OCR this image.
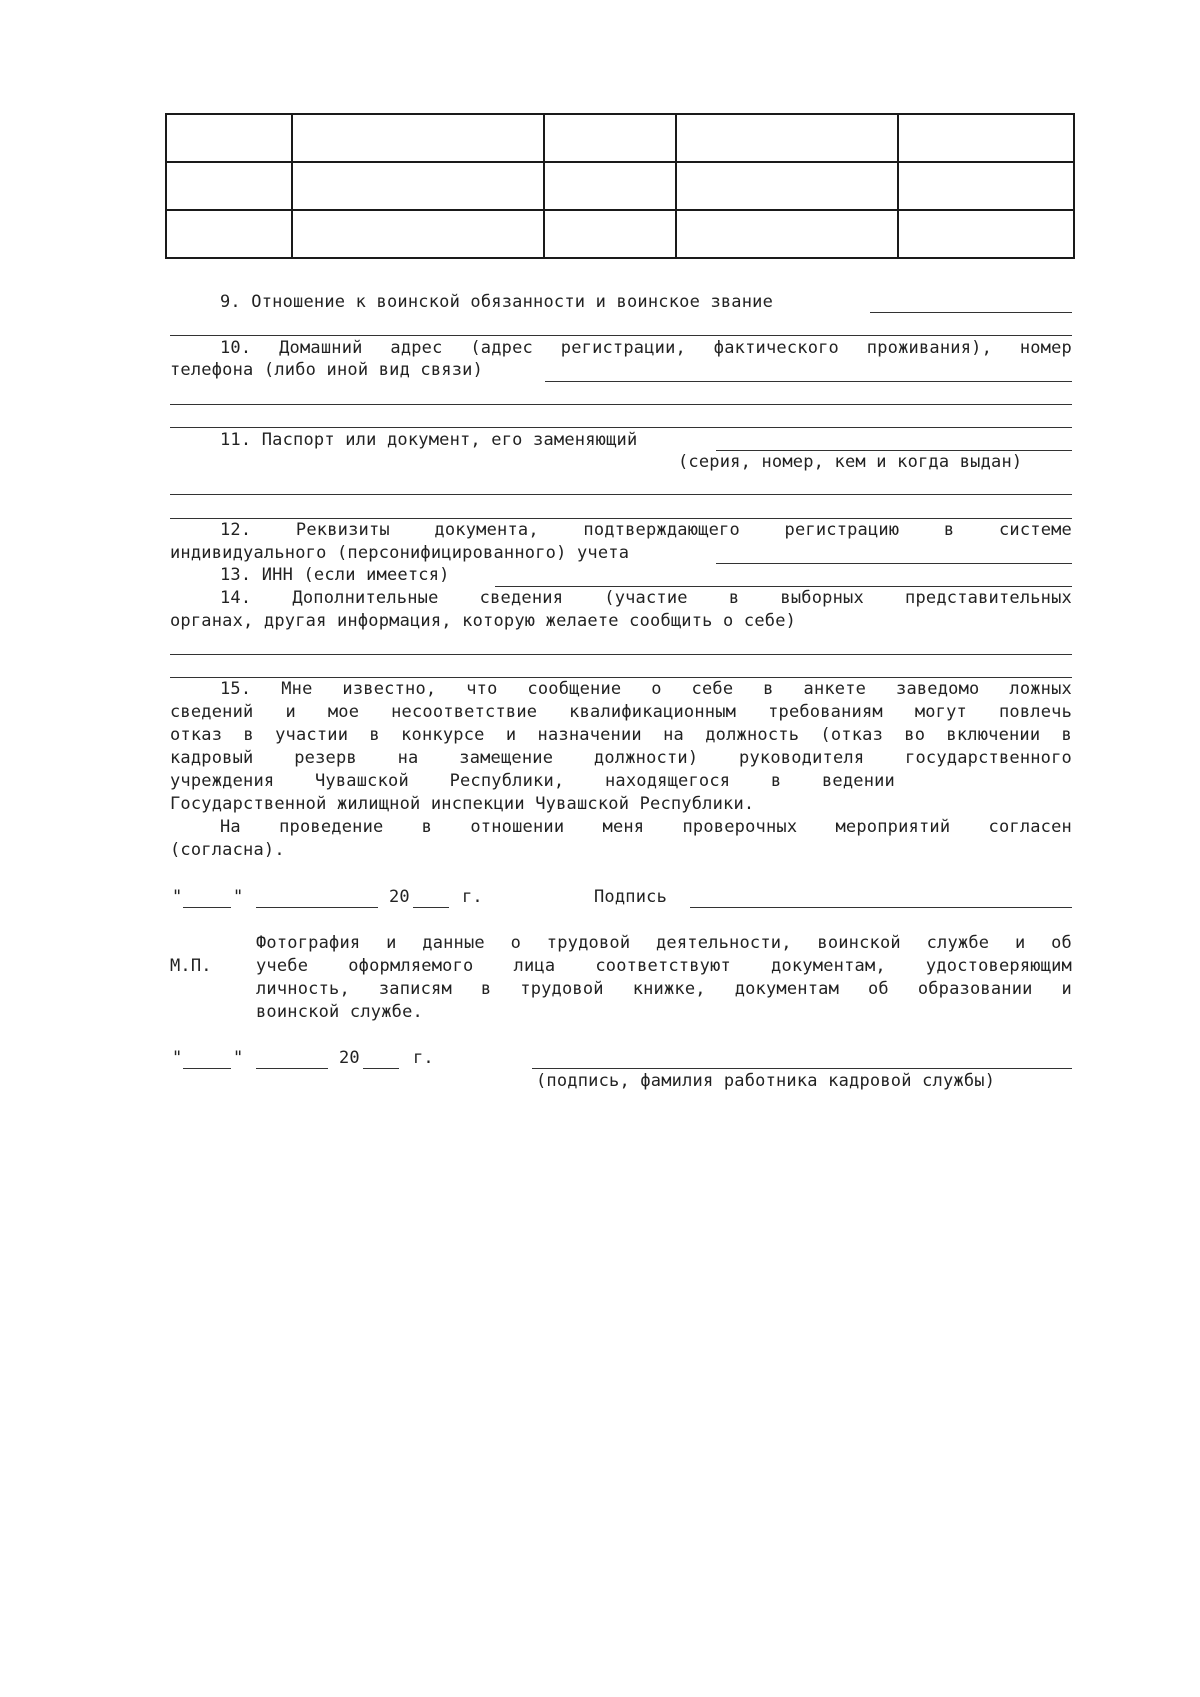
9. Отношение к воинской обязанности и воинское звание
10. Домашний адрес (адрес регистрации, фактического проживания), номер
телефона (либо иной вид связи)
11. Паспорт или документ, его заменяющий
(серия, номер, кем и когда выдан)
12. Реквизиты документа, подтверждающего регистрацию в системе
индивидуального (персонифицированного) учета
13. ИНН (если имеется)
14. Дополнительные сведения (участие в выборных представительных
органах, другая информация, которую желаете сообщить о себе)
15. Мне известно, что сообщение о себе в анкете заведомо ложных
сведений и мое несоответствие квалификационным требованиям могут повлечь
отказ в участии в конкурсе и назначении на должность (отказ во включении в
кадровый резерв на замещение должности) руководителя государственного
учреждения Чувашской Республики, находящегося в ведении
Государственной жилищной инспекции Чувашской Республики.
На проведение в отношении меня проверочных мероприятий согласен
(согласна).
"	"	20	г.	Подпись
М.П.
Фотография и данные о трудовой деятельности, воинской службе и об
учебе оформляемого лица соответствуют документам, удостоверяющим
личность, записям в трудовой книжке, документам об образовании и
воинской службе.
"	"	20	г.
(подпись, фамилия работника кадровой службы)
